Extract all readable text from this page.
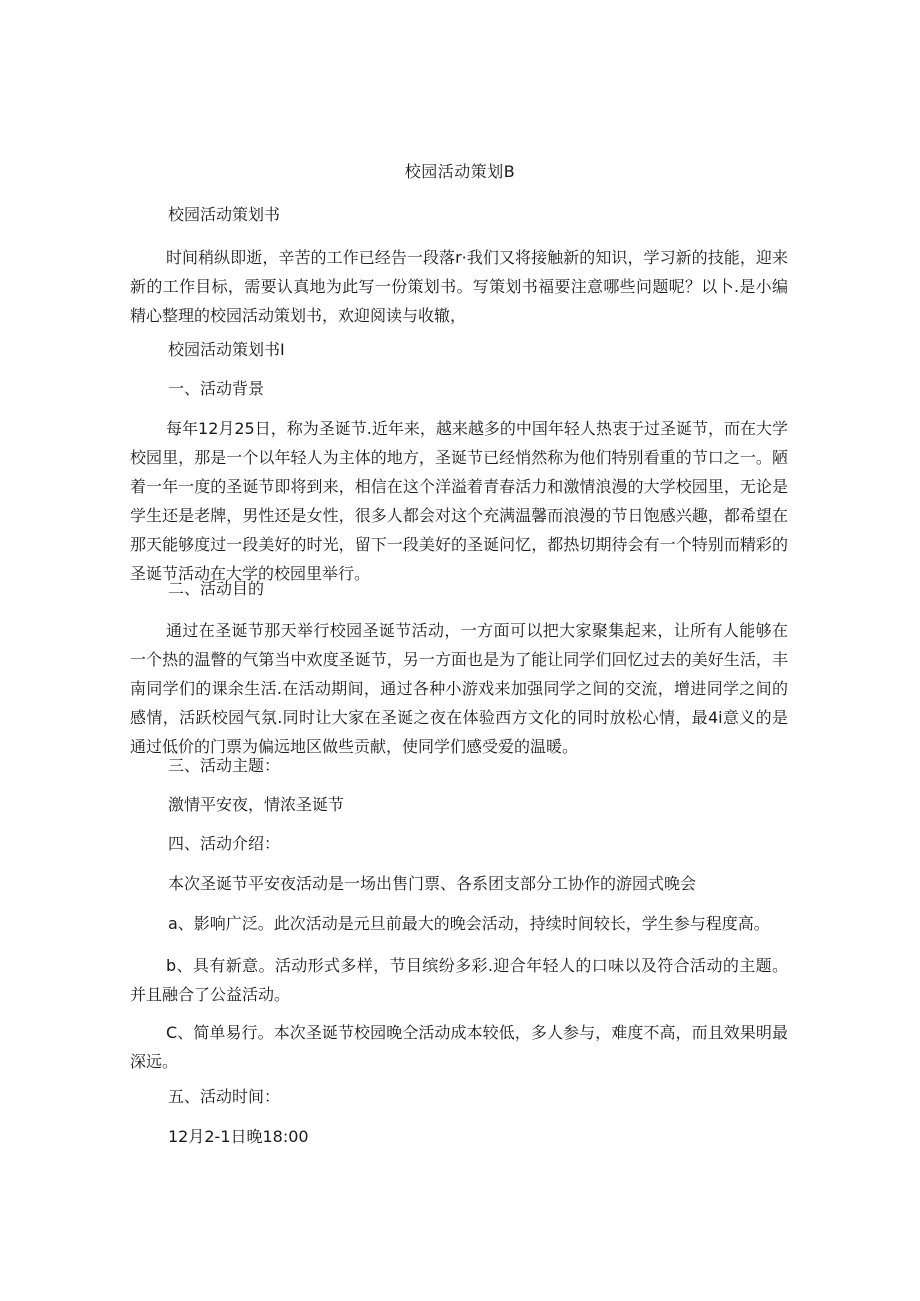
校园活动策划B
校园活动策划书
时间稍纵即逝，辛苦的工作已经告一段落r·我们又将接触新的知识，学习新的技能，迎来新的工作目标，需要认真地为此写一份策划书。写策划书福要注意哪些问题呢？以卜.是小编精心整理的校园活动策划书，欢迎阅读与收辙，
校园活动策划书I
一、活动背景
每年12月25日，称为圣诞节.近年来，越来越多的中国年轻人热衷于过圣诞节，而在大学校园里，那是一个以年轻人为主体的地方，圣诞节已经悄然称为他们特别看重的节口之一。陋着一年一度的圣诞节即将到来，相信在这个洋溢着青春活力和激情浪漫的大学校园里，无论是学生还是老牌，男性还是女性，很多人都会对这个充满温馨而浪漫的节日饱感兴趣，都希望在那天能够度过一段美好的时光，留下一段美好的圣诞问忆，都热切期待会有一个特别而精彩的圣诞节活动在大学的校园里举行。
二、活动目的
通过在圣诞节那天举行校园圣诞节活动，一方面可以把大家聚集起来，让所有人能够在一个热的温瞥的气第当中欢度圣诞节，另一方面也是为了能让同学们回忆过去的美好生活，丰南同学们的课余生活.在活动期间，通过各种小游戏来加强同学之间的交流，增进同学之间的感情，活跃校园气氛.同时让大家在圣诞之夜在体验西方文化的同时放松心情，最4i意义的是通过低价的门票为偏远地区做些贡献，使同学们感受爱的温暖。
三、活动主题：
激情平安夜，情浓圣诞节
四、活动介绍：
本次圣诞节平安夜活动是一场出售门票、各系团支部分工协作的游园式晚会
a、影响广泛。此次活动是元旦前最大的晚会活动，持续时间较长，学生参与程度高。
b、具有新意。活动形式多样，节目缤纷多彩.迎合年轻人的口味以及符合活动的主题。并且融合了公益活动。
C、简单易行。本次圣诞节校园晚仝活动成本较低，多人参与，难度不高，而且效果明最深远。
五、活动时间：
12月2-1日晚18:00
